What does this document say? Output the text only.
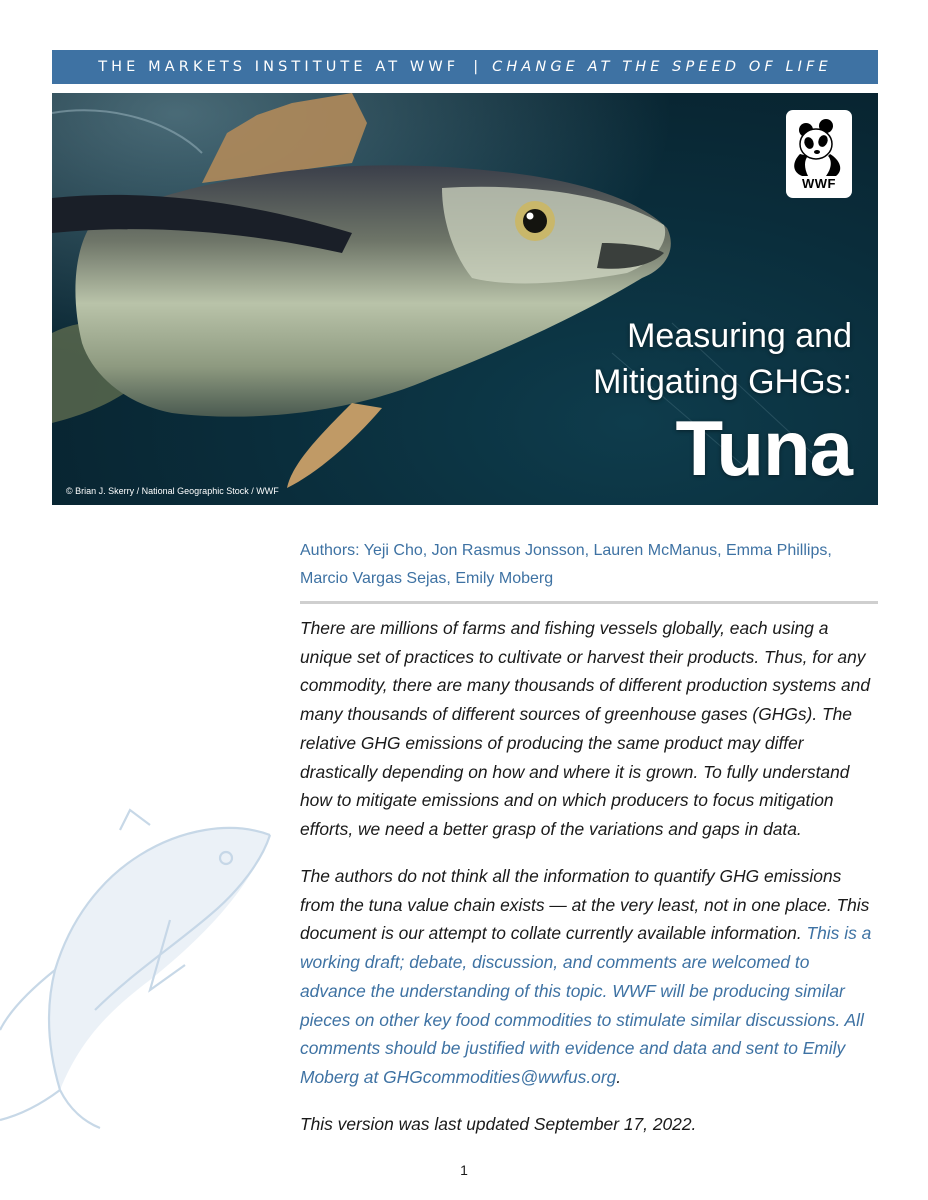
THE MARKETS INSTITUTE AT WWF | CHANGE AT THE SPEED OF LIFE
WWF
Measuring and
Mitigating GHGs:
Tuna
© Brian J. Skerry / National Geographic Stock / WWF
Authors: Yeji Cho, Jon Rasmus Jonsson, Lauren McManus, Emma Phillips,
Marcio Vargas Sejas, Emily Moberg
There are millions of farms and fishing vessels globally, each using a unique set of practices to cultivate or harvest their products. Thus, for any commodity, there are many thousands of different production systems and many thousands of different sources of greenhouse gases (GHGs). The relative GHG emissions of producing the same product may differ drastically depending on how and where it is grown. To fully understand how to mitigate emissions and on which producers to focus mitigation efforts, we need a better grasp of the variations and gaps in data.
The authors do not think all the information to quantify GHG emissions from the tuna value chain exists — at the very least, not in one place. This document is our attempt to collate currently available information. This is a working draft; debate, discussion, and comments are welcomed to advance the understanding of this topic. WWF will be producing similar pieces on other key food commodities to stimulate similar discussions. All comments should be justified with evidence and data and sent to Emily Moberg at GHGcommodities@wwfus.org.
This version was last updated September 17, 2022.
1
